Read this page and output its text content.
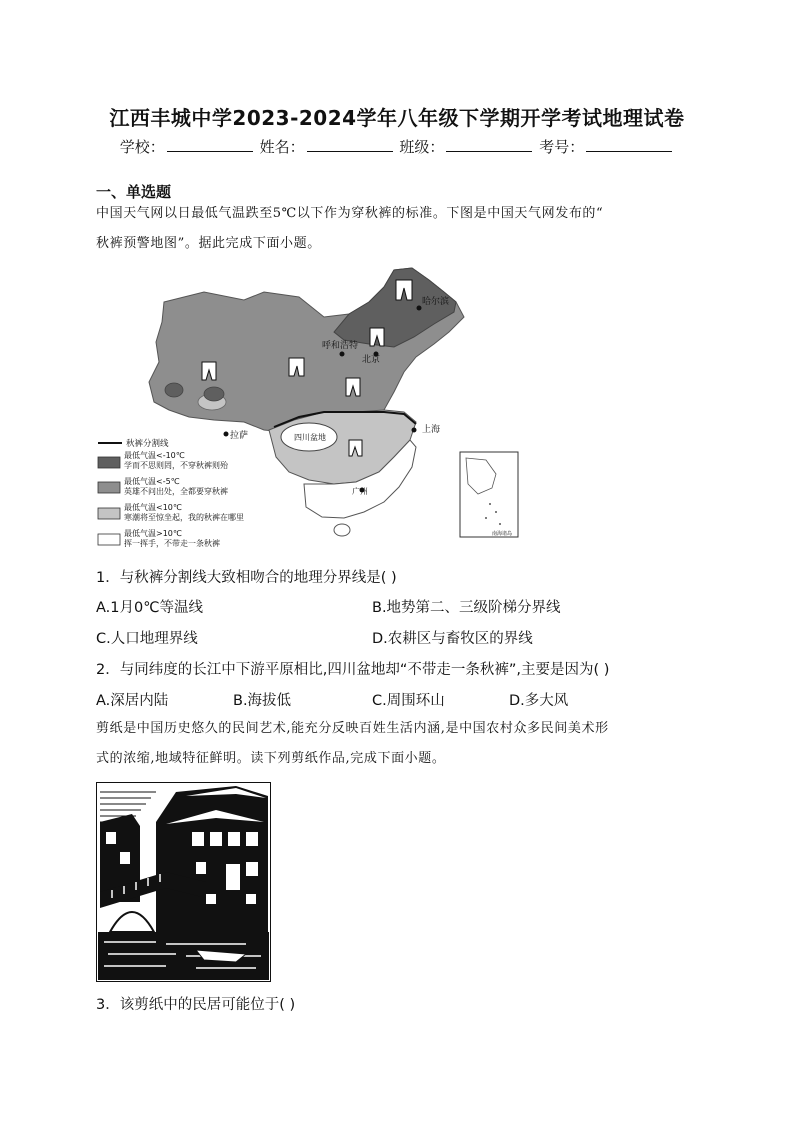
江西丰城中学2023-2024学年八年级下学期开学考试地理试卷
学校：	姓名：	班级：	考号：
一、单选题
中国天气网以日最低气温跌至5℃以下作为穿秋裤的标准。下图是中国天气网发布的“
秋裤预警地图”。据此完成下面小题。
哈尔滨
呼和浩特
北京
拉萨
上海
四川盆地
广州
秋裤分割线
最低气温<-10℃
学而不思则罔，不穿秋裤则殆
最低气温<-5℃
英雄不问出处，全都要穿秋裤
最低气温<10℃
寒潮将至惊坐起，我的秋裤在哪里
最低气温>10℃
挥一挥手，不带走一条秋裤
南海诸岛
1．与秋裤分割线大致相吻合的地理分界线是( )
A.1月0℃等温线	B.地势第二、三级阶梯分界线
C.人口地理界线	D.农耕区与畜牧区的界线
2．与同纬度的长江中下游平原相比,四川盆地却“不带走一条秋裤”,主要是因为( )
A.深居内陆	B.海拔低	C.周围环山	D.多大风
剪纸是中国历史悠久的民间艺术,能充分反映百姓生活内涵,是中国农村众多民间美术形
式的浓缩,地域特征鲜明。读下列剪纸作品,完成下面小题。
3．该剪纸中的民居可能位于( )
